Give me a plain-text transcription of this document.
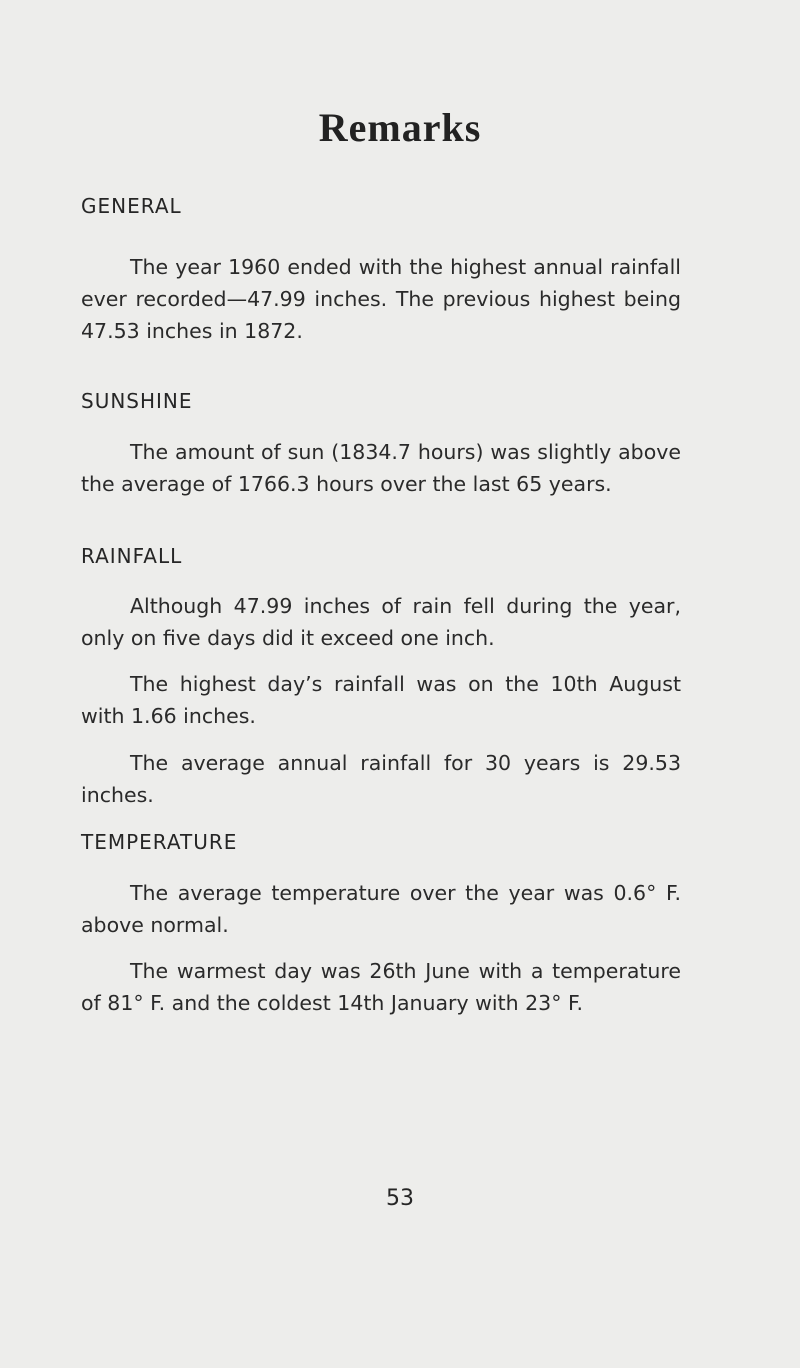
Remarks
GENERAL

The year 1960 ended with the highest annual rainfall ever recorded—47.99 inches. The previous highest being 47.53 inches in 1872.

SUNSHINE

The amount of sun (1834.7 hours) was slightly above the average of 1766.3 hours over the last 65 years.

RAINFALL

Although 47.99 inches of rain fell during the year, only on five days did it exceed one inch.

The highest day’s rainfall was on the 10th August with 1.66 inches.

The average annual rainfall for 30 years is 29.53 inches.

TEMPERATURE

The average temperature over the year was 0.6° F. above normal.

The warmest day was 26th June with a temperature of 81° F. and the coldest 14th January with 23° F.

53
